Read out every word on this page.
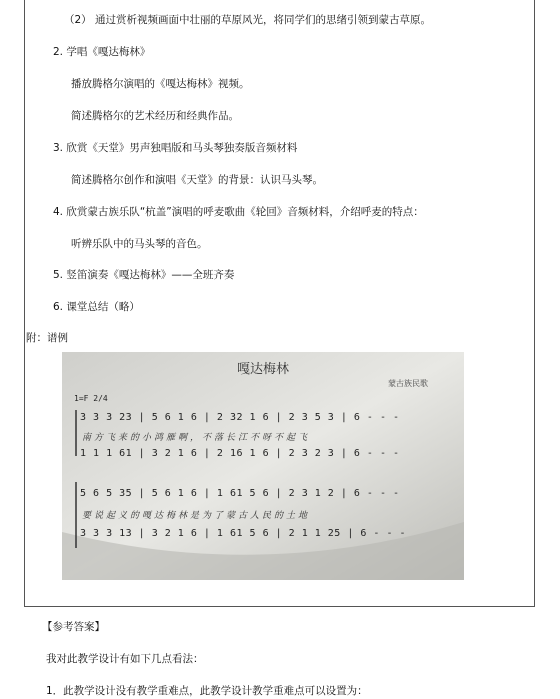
（2） 通过赏析视频画面中壮丽的草原风光，将同学们的思绪引领到蒙古草原。
2. 学唱《嘎达梅林》
播放腾格尔演唱的《嘎达梅林》视频。
简述腾格尔的艺术经历和经典作品。
3. 欣赏《天堂》男声独唱版和马头琴独奏版音频材料
简述腾格尔创作和演唱《天堂》的背景：认识马头琴。
4. 欣赏蒙古族乐队“杭盖”演唱的呼麦歌曲《轮回》音频材料，介绍呼麦的特点：
听辨乐队中的马头琴的音色。
5. 竖笛演奏《嘎达梅林》——全班齐奏
6. 课堂总结（略）
附：谱例
嘎达梅林
蒙古族民歌
1=F 2/4
3 3 3 23 | 5 6 1 6 | 2 32 1 6 | 2 3 5 3 | 6 - - -
南方飞来的小鸿雁啊，不落长江不呀不起飞
1 1 1 61 | 3 2 1 6 | 2 16 1 6 | 2 3 2 3 | 6 - - -
5 6 5 35 | 5 6 1 6 | 1 61 5 6 | 2 3 1 2 | 6 - - -
要说起义的嘎达梅林是为了蒙古人民的土地
3 3 3 13 | 3 2 1 6 | 1 61 5 6 | 2 1 1 25 | 6 - - -
【参考答案】
我对此教学设计有如下几点看法：
1．此教学设计没有教学重难点，此教学设计教学重难点可以设置为：
